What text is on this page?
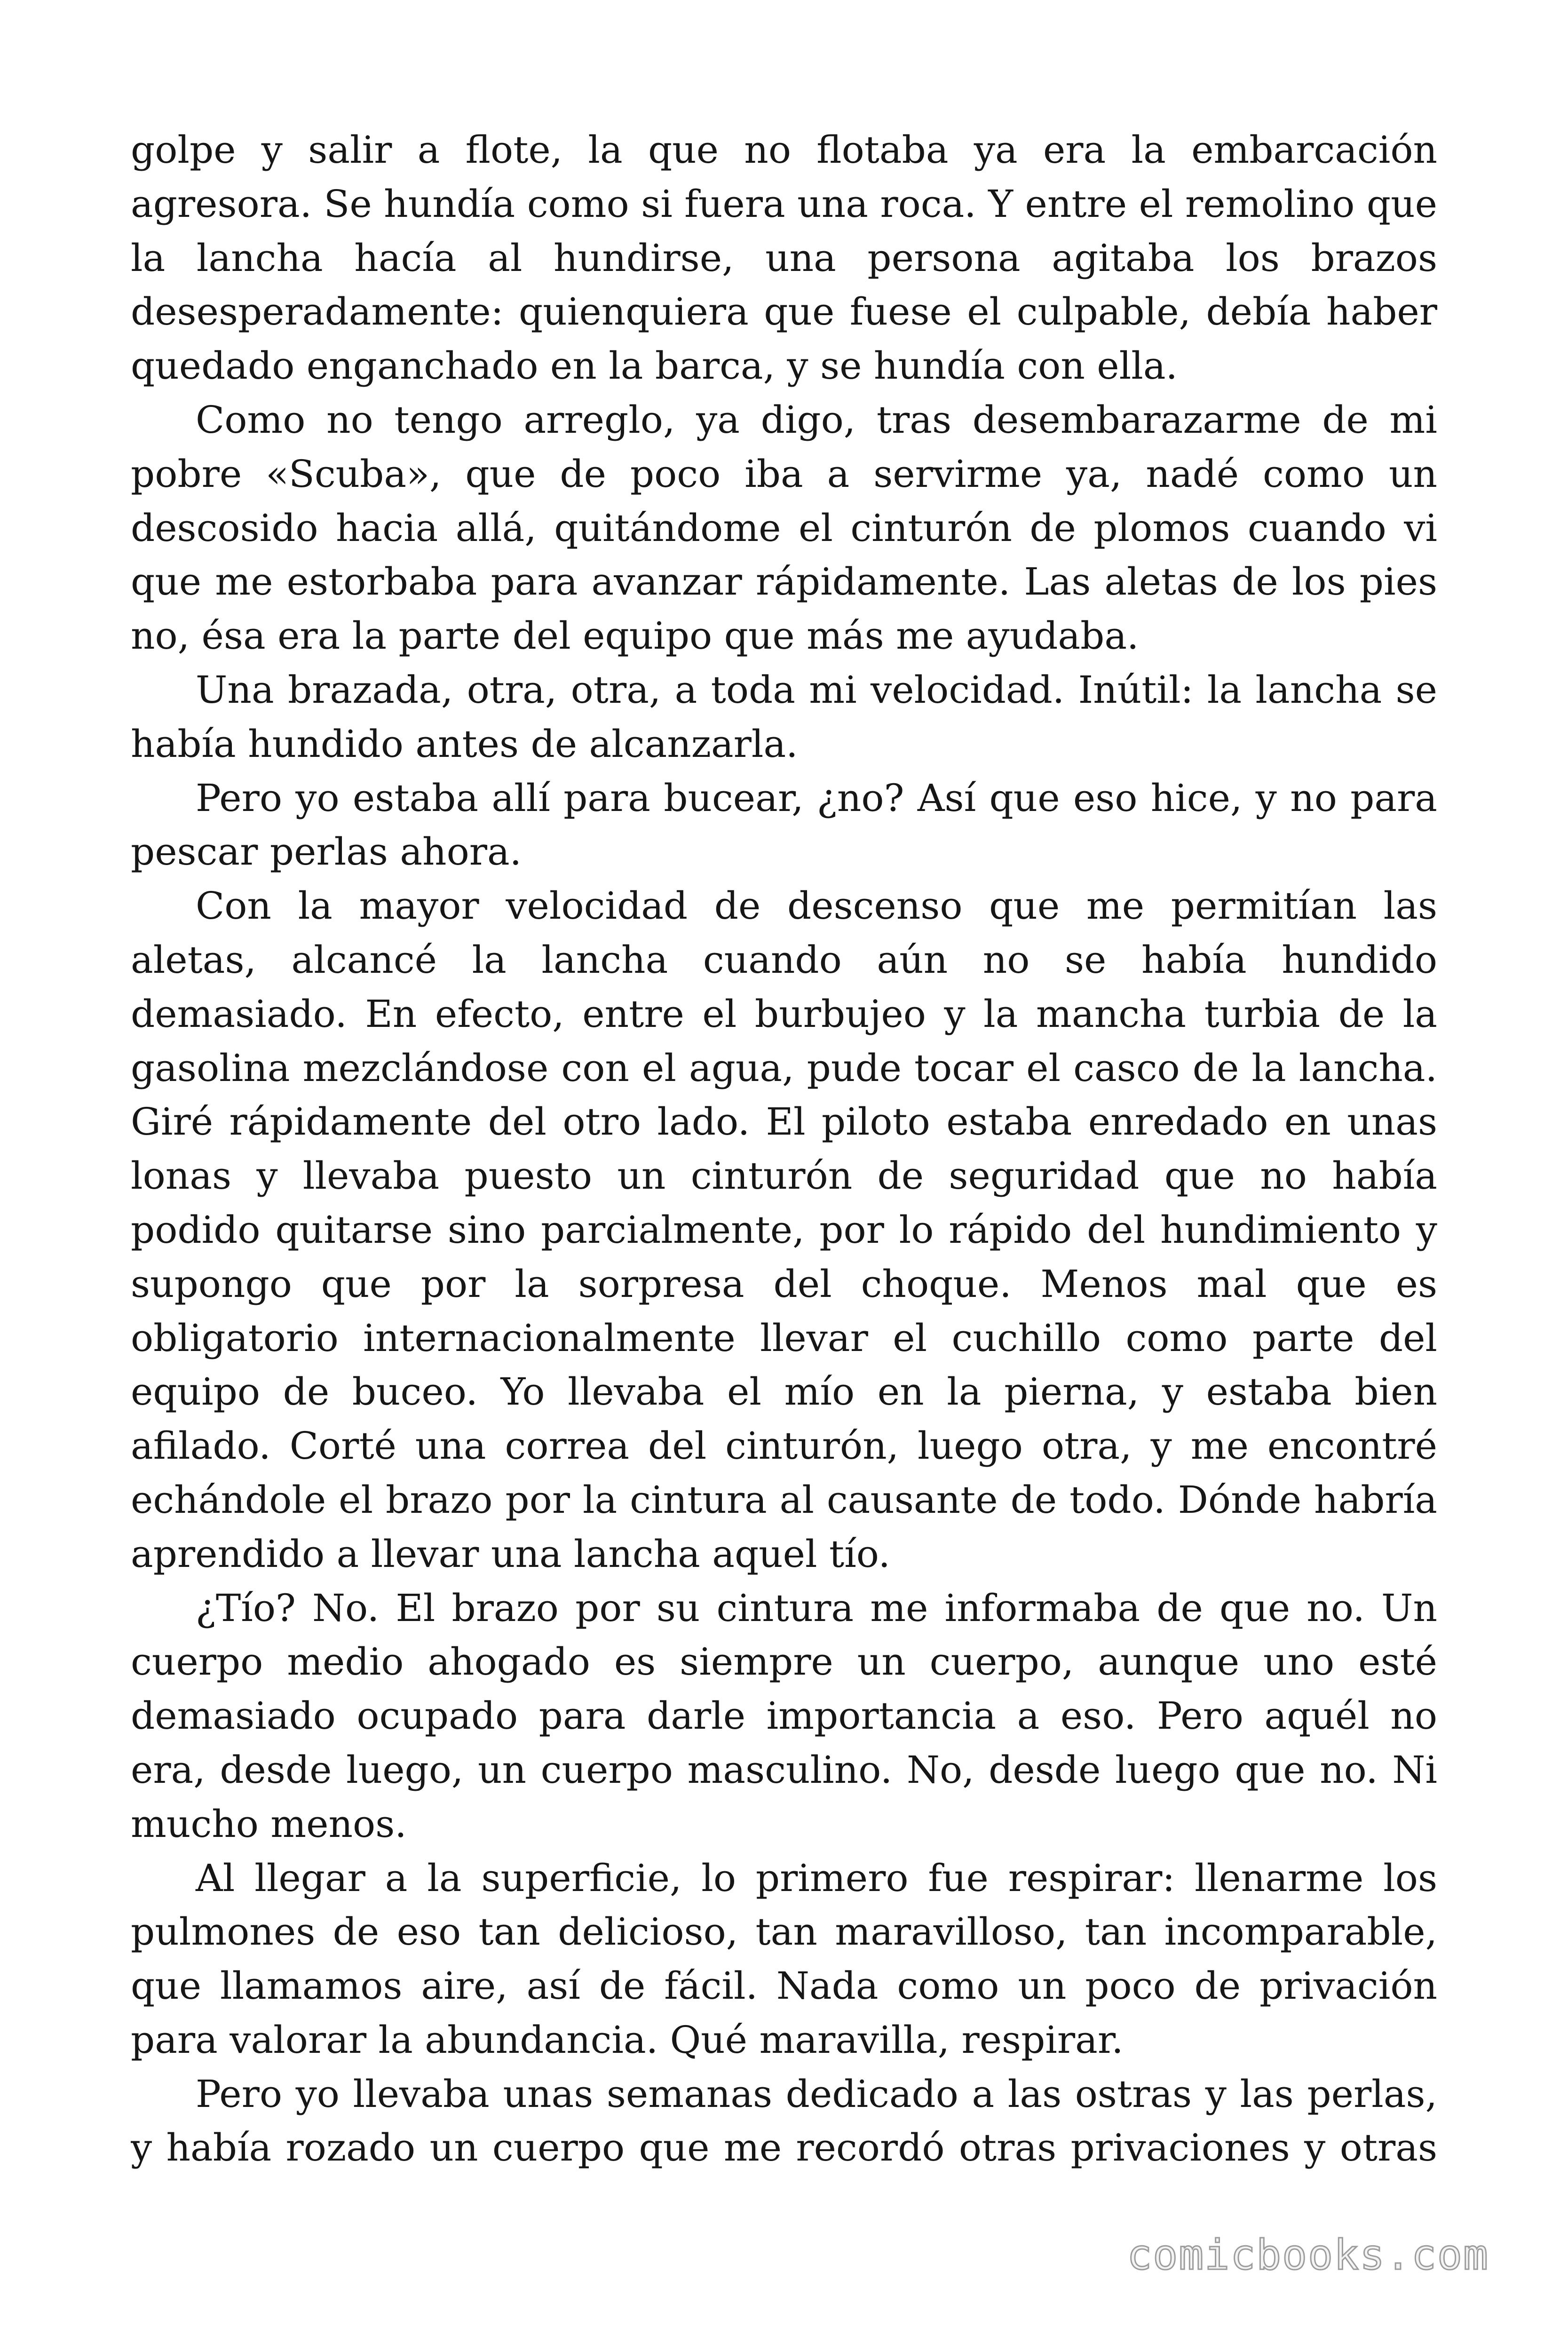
golpe y salir a flote, la que no flotaba ya era la embarcación agresora. Se hundía como si fuera una roca. Y entre el remolino que la lancha hacía al hundirse, una persona agitaba los brazos desesperadamente: quienquiera que fuese el culpable, debía haber quedado enganchado en la barca, y se hundía con ella.

Como no tengo arreglo, ya digo, tras desembarazarme de mi pobre «Scuba», que de poco iba a servirme ya, nadé como un descosido hacia allá, quitándome el cinturón de plomos cuando vi que me estorbaba para avanzar rápidamente. Las aletas de los pies no, ésa era la parte del equipo que más me ayudaba.

Una brazada, otra, otra, a toda mi velocidad. Inútil: la lancha se había hundido antes de alcanzarla.

Pero yo estaba allí para bucear, ¿no? Así que eso hice, y no para pescar perlas ahora.

Con la mayor velocidad de descenso que me permitían las aletas, alcancé la lancha cuando aún no se había hundido demasiado. En efecto, entre el burbujeo y la mancha turbia de la gasolina mezclándose con el agua, pude tocar el casco de la lancha. Giré rápidamente del otro lado. El piloto estaba enredado en unas lonas y llevaba puesto un cinturón de seguridad que no había podido quitarse sino parcialmente, por lo rápido del hundimiento y supongo que por la sorpresa del choque. Menos mal que es obligatorio internacionalmente llevar el cuchillo como parte del equipo de buceo. Yo llevaba el mío en la pierna, y estaba bien afilado. Corté una correa del cinturón, luego otra, y me encontré echándole el brazo por la cintura al causante de todo. Dónde habría aprendido a llevar una lancha aquel tío.

¿Tío? No. El brazo por su cintura me informaba de que no. Un cuerpo medio ahogado es siempre un cuerpo, aunque uno esté demasiado ocupado para darle importancia a eso. Pero aquél no era, desde luego, un cuerpo masculino. No, desde luego que no. Ni mucho menos.

Al llegar a la superficie, lo primero fue respirar: llenarme los pulmones de eso tan delicioso, tan maravilloso, tan incomparable, que llamamos aire, así de fácil. Nada como un poco de privación para valorar la abundancia. Qué maravilla, respirar.

Pero yo llevaba unas semanas dedicado a las ostras y las perlas, y había rozado un cuerpo que me recordó otras privaciones y otras

comicbooks.com
